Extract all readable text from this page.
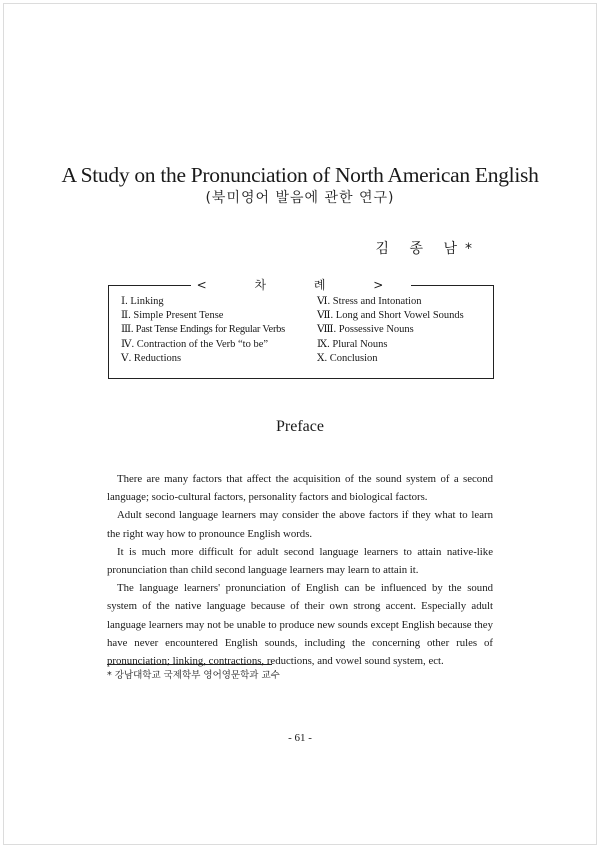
A Study on the Pronunciation of North American English
(북미영어 발음에 관한 연구)
김 종 남*
< 차 례 >
Ⅰ. Linking
Ⅱ. Simple Present Tense
Ⅲ. Past Tense Endings for Regular Verbs
Ⅳ. Contraction of the Verb “to be”
Ⅴ. Reductions
Ⅵ. Stress and Intonation
Ⅶ. Long and Short Vowel Sounds
Ⅷ. Possessive Nouns
Ⅸ. Plural Nouns
Ⅹ. Conclusion
Preface

There are many factors that affect the acquisition of the sound system of a second language; socio-cultural factors, personality factors and biological factors.

Adult second language learners may consider the above factors if they what to learn the right way how to pronounce English words.

It is much more difficult for adult second language learners to attain native-like pronunciation than child second language learners may learn to attain it.

The language learners' pronunciation of English can be influenced by the sound system of the native language because of their own strong accent. Especially adult language learners may not be unable to produce new sounds except English because they have never encountered English sounds, including the concerning other rules of pronunciation; linking, contractions, reductions, and vowel sound system, ect.

* 강남대학교 국제학부 영어영문학과 교수
- 61 -
